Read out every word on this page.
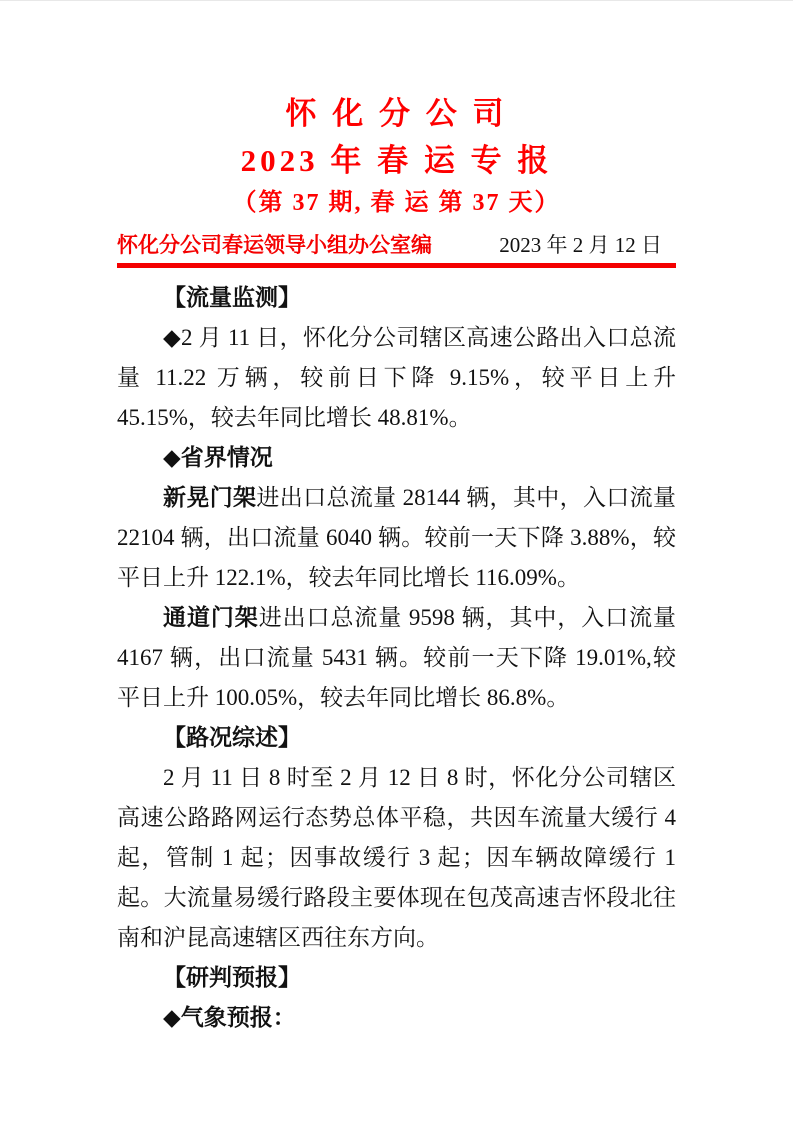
怀 化 分 公 司
2023 年 春 运 专 报
（第 37 期, 春 运 第 37 天）
怀化分公司春运领导小组办公室编	2023 年 2 月 12 日

【流量监测】

◆2 月 11 日，怀化分公司辖区高速公路出入口总流量 11.22 万辆，较前日下降 9.15%，较平日上升 45.15%，较去年同比增长 48.81%。

◆省界情况

新晃门架进出口总流量 28144 辆，其中，入口流量 22104 辆，出口流量 6040 辆。较前一天下降 3.88%，较平日上升 122.1%，较去年同比增长 116.09%。

通道门架进出口总流量 9598 辆，其中，入口流量 4167 辆，出口流量 5431 辆。较前一天下降 19.01%,较平日上升 100.05%，较去年同比增长 86.8%。

【路况综述】

2 月 11 日 8 时至 2 月 12 日 8 时，怀化分公司辖区高速公路路网运行态势总体平稳，共因车流量大缓行 4 起，管制 1 起；因事故缓行 3 起；因车辆故障缓行 1 起。大流量易缓行路段主要体现在包茂高速吉怀段北往南和沪昆高速辖区西往东方向。

【研判预报】

◆气象预报：
